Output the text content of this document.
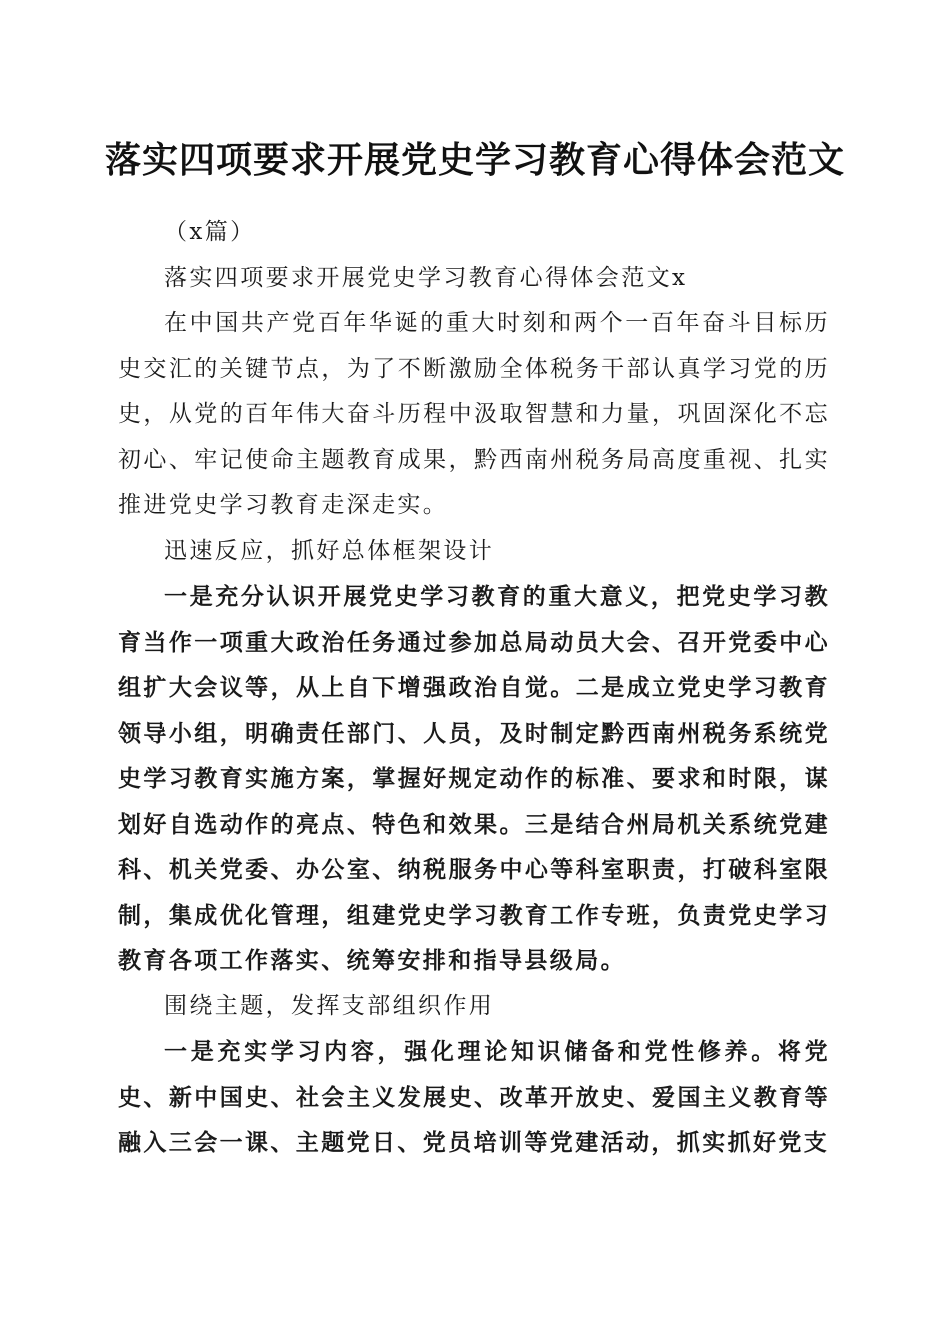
落实四项要求开展党史学习教育心得体会范文

（x篇）

落实四项要求开展党史学习教育心得体会范文x

在中国共产党百年华诞的重大时刻和两个一百年奋斗目标历史交汇的关键节点，为了不断激励全体税务干部认真学习党的历史，从党的百年伟大奋斗历程中汲取智慧和力量，巩固深化不忘初心、牢记使命主题教育成果，黔西南州税务局高度重视、扎实推进党史学习教育走深走实。

迅速反应，抓好总体框架设计

一是充分认识开展党史学习教育的重大意义，把党史学习教育当作一项重大政治任务通过参加总局动员大会、召开党委中心组扩大会议等，从上自下增强政治自觉。二是成立党史学习教育领导小组，明确责任部门、人员，及时制定黔西南州税务系统党史学习教育实施方案，掌握好规定动作的标准、要求和时限，谋划好自选动作的亮点、特色和效果。三是结合州局机关系统党建科、机关党委、办公室、纳税服务中心等科室职责，打破科室限制，集成优化管理，组建党史学习教育工作专班，负责党史学习教育各项工作落实、统筹安排和指导县级局。

围绕主题，发挥支部组织作用

一是充实学习内容，强化理论知识储备和党性修养。将党史、新中国史、社会主义发展史、改革开放史、爱国主义教育等融入三会一课、主题党日、党员培训等党建活动，抓实抓好党支
